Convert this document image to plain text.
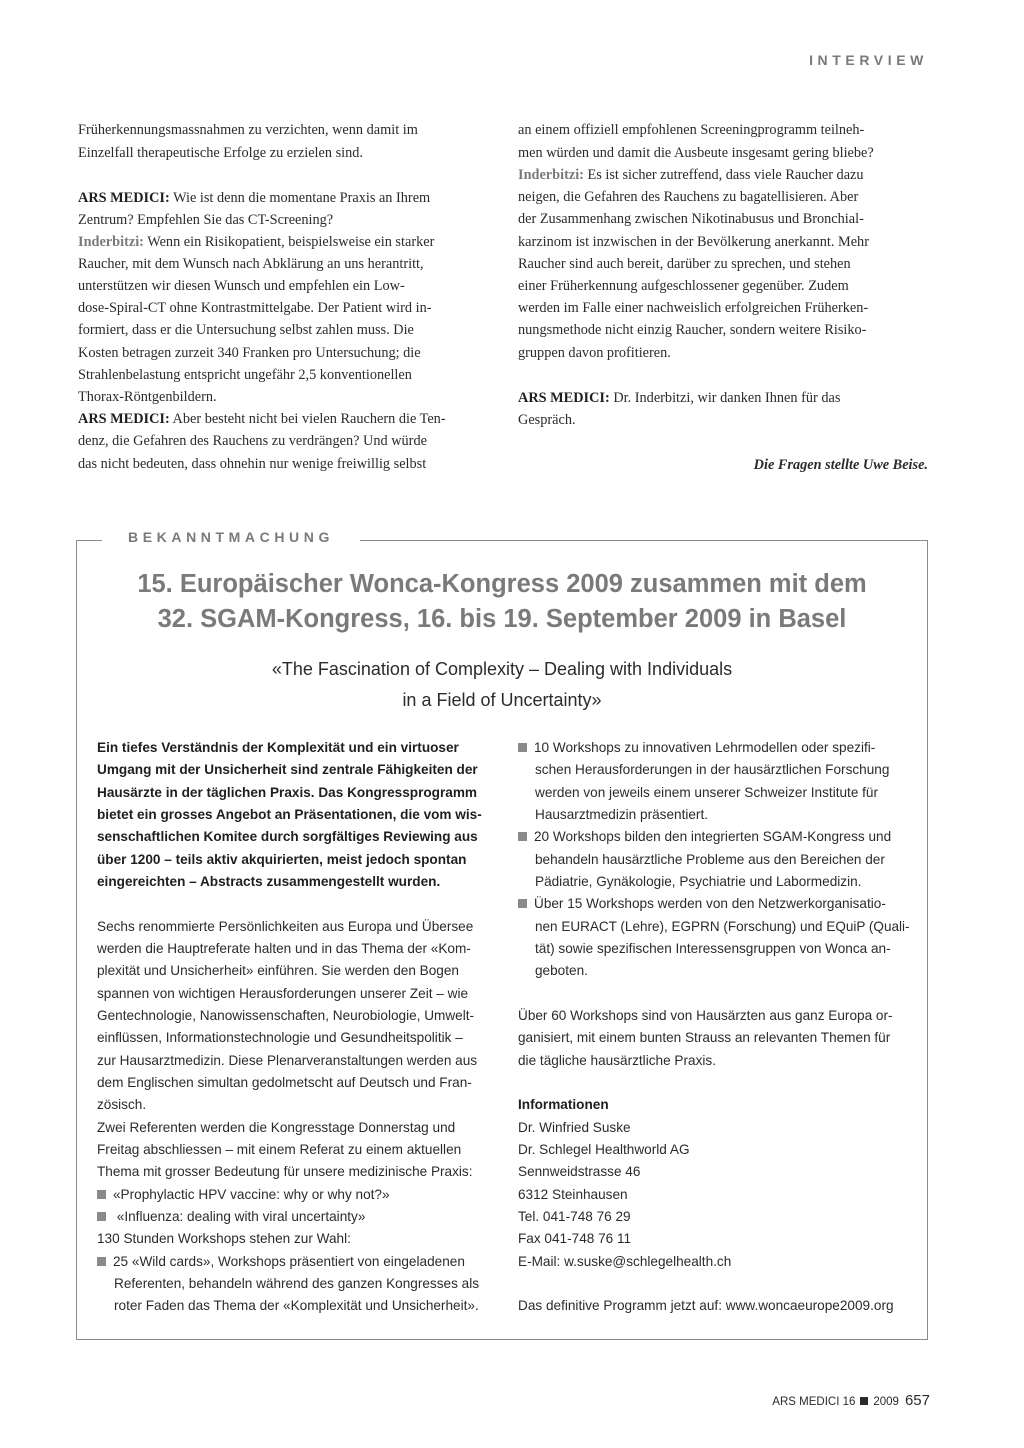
INTERVIEW
Früherkennungsmassnahmen zu verzichten, wenn damit im
Einzelfall therapeutische Erfolge zu erzielen sind.
ARS MEDICI: Wie ist denn die momentane Praxis an Ihrem
Zentrum? Empfehlen Sie das CT-Screening?
Inderbitzi: Wenn ein Risikopatient, beispielsweise ein starker
Raucher, mit dem Wunsch nach Abklärung an uns herantritt,
unterstützen wir diesen Wunsch und empfehlen ein Low-
dose-Spiral-CT ohne Kontrastmittelgabe. Der Patient wird in-
formiert, dass er die Untersuchung selbst zahlen muss. Die
Kosten betragen zurzeit 340 Franken pro Untersuchung; die
Strahlenbelastung entspricht ungefähr 2,5 konventionellen
Thorax-Röntgenbildern.
ARS MEDICI: Aber besteht nicht bei vielen Rauchern die Ten-
denz, die Gefahren des Rauchens zu verdrängen? Und würde
das nicht bedeuten, dass ohnehin nur wenige freiwillig selbst
an einem offiziell empfohlenen Screeningprogramm teilneh-
men würden und damit die Ausbeute insgesamt gering bliebe?
Inderbitzi: Es ist sicher zutreffend, dass viele Raucher dazu
neigen, die Gefahren des Rauchens zu bagatellisieren. Aber
der Zusammenhang zwischen Nikotinabusus und Bronchial-
karzinom ist inzwischen in der Bevölkerung anerkannt. Mehr
Raucher sind auch bereit, darüber zu sprechen, und stehen
einer Früherkennung aufgeschlossener gegenüber. Zudem
werden im Falle einer nachweislich erfolgreichen Früherken-
nungsmethode nicht einzig Raucher, sondern weitere Risiko-
gruppen davon profitieren.
ARS MEDICI: Dr. Inderbitzi, wir danken Ihnen für das
Gespräch.
Die Fragen stellte Uwe Beise.
BEKANNTMACHUNG
15. Europäischer Wonca-Kongress 2009 zusammen mit dem
32. SGAM-Kongress, 16. bis 19. September 2009 in Basel
«The Fascination of Complexity – Dealing with Individuals
in a Field of Uncertainty»
Ein tiefes Verständnis der Komplexität und ein virtuoser
Umgang mit der Unsicherheit sind zentrale Fähigkeiten der
Hausärzte in der täglichen Praxis. Das Kongressprogramm
bietet ein grosses Angebot an Präsentationen, die vom wis-
senschaftlichen Komitee durch sorgfältiges Reviewing aus
über 1200 – teils aktiv akquirierten, meist jedoch spontan
eingereichten – Abstracts zusammengestellt wurden.
Sechs renommierte Persönlichkeiten aus Europa und Übersee
werden die Hauptreferate halten und in das Thema der «Kom-
plexität und Unsicherheit» einführen. Sie werden den Bogen
spannen von wichtigen Herausforderungen unserer Zeit – wie
Gentechnologie, Nanowissenschaften, Neurobiologie, Umwelt-
einflüssen, Informationstechnologie und Gesundheitspolitik –
zur Hausarztmedizin. Diese Plenarveranstaltungen werden aus
dem Englischen simultan gedolmetscht auf Deutsch und Fran-
zösisch.
Zwei Referenten werden die Kongresstage Donnerstag und
Freitag abschliessen – mit einem Referat zu einem aktuellen
Thema mit grosser Bedeutung für unsere medizinische Praxis:
«Prophylactic HPV vaccine: why or why not?»
«Influenza: dealing with viral uncertainty»
130 Stunden Workshops stehen zur Wahl:
25 «Wild cards», Workshops präsentiert von eingeladenen
Referenten, behandeln während des ganzen Kongresses als
roter Faden das Thema der «Komplexität und Unsicherheit».
10 Workshops zu innovativen Lehrmodellen oder spezifi-
schen Herausforderungen in der hausärztlichen Forschung
werden von jeweils einem unserer Schweizer Institute für
Hausarztmedizin präsentiert.
20 Workshops bilden den integrierten SGAM-Kongress und
behandeln hausärztliche Probleme aus den Bereichen der
Pädiatrie, Gynäkologie, Psychiatrie und Labormedizin.
Über 15 Workshops werden von den Netzwerkorganisatio-
nen EURACT (Lehre), EGPRN (Forschung) und EQuiP (Quali-
tät) sowie spezifischen Interessensgruppen von Wonca an-
geboten.
Über 60 Workshops sind von Hausärzten aus ganz Europa or-
ganisiert, mit einem bunten Strauss an relevanten Themen für
die tägliche hausärztliche Praxis.
Informationen
Dr. Winfried Suske
Dr. Schlegel Healthworld AG
Sennweidstrasse 46
6312 Steinhausen
Tel. 041-748 76 29
Fax 041-748 76 11
E-Mail: w.suske@schlegelhealth.ch
Das definitive Programm jetzt auf: www.woncaeurope2009.org
ARS MEDICI 16 2009 657
